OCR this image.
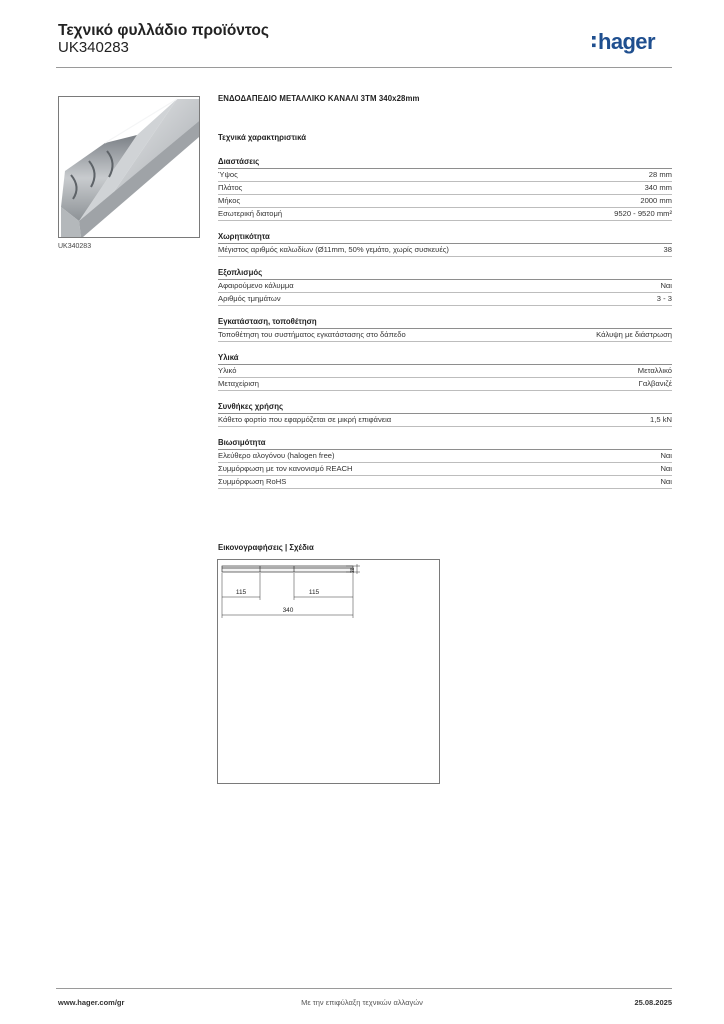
Τεχνικό φυλλάδιο προϊόντος
UK340283	hager
UK340283
ΕΝΔΟΔΑΠΕΔΙΟ ΜΕΤΑΛΛΙΚΟ ΚΑΝΑΛΙ 3ΤΜ 340x28mm
Τεχνικά χαρακτηριστικά
Διαστάσεις
Ύψος	28 mm
Πλάτος	340 mm
Μήκος	2000 mm
Εσωτερική διατομή	9520 - 9520 mm²
Χωρητικότητα
Μέγιστος αριθμός καλωδίων (Ø11mm, 50% γεμάτο, χωρίς συσκευές)	38
Εξοπλισμός
Αφαιρούμενο κάλυμμα	Ναι
Αριθμός τμημάτων	3 - 3
Εγκατάσταση, τοποθέτηση
Τοποθέτηση του συστήματος εγκατάστασης στο δάπεδο	Κάλυψη με διάστρωση
Υλικά
Υλικό	Μεταλλικό
Μεταχείριση	Γαλβανιζέ
Συνθήκες χρήσης
Κάθετο φορτίο που εφαρμόζεται σε μικρή επιφάνεια	1,5 kN
Βιωσιμότητα
Ελεύθερο αλογόνου (halogen free)	Ναι
Συμμόρφωση με τον κανονισμό REACH	Ναι
Συμμόρφωση RoHS	Ναι
Εικονογραφήσεις | Σχέδια
115	115
340
28
www.hager.com/gr	Με την επιφύλαξη τεχνικών αλλαγών	25.08.2025
